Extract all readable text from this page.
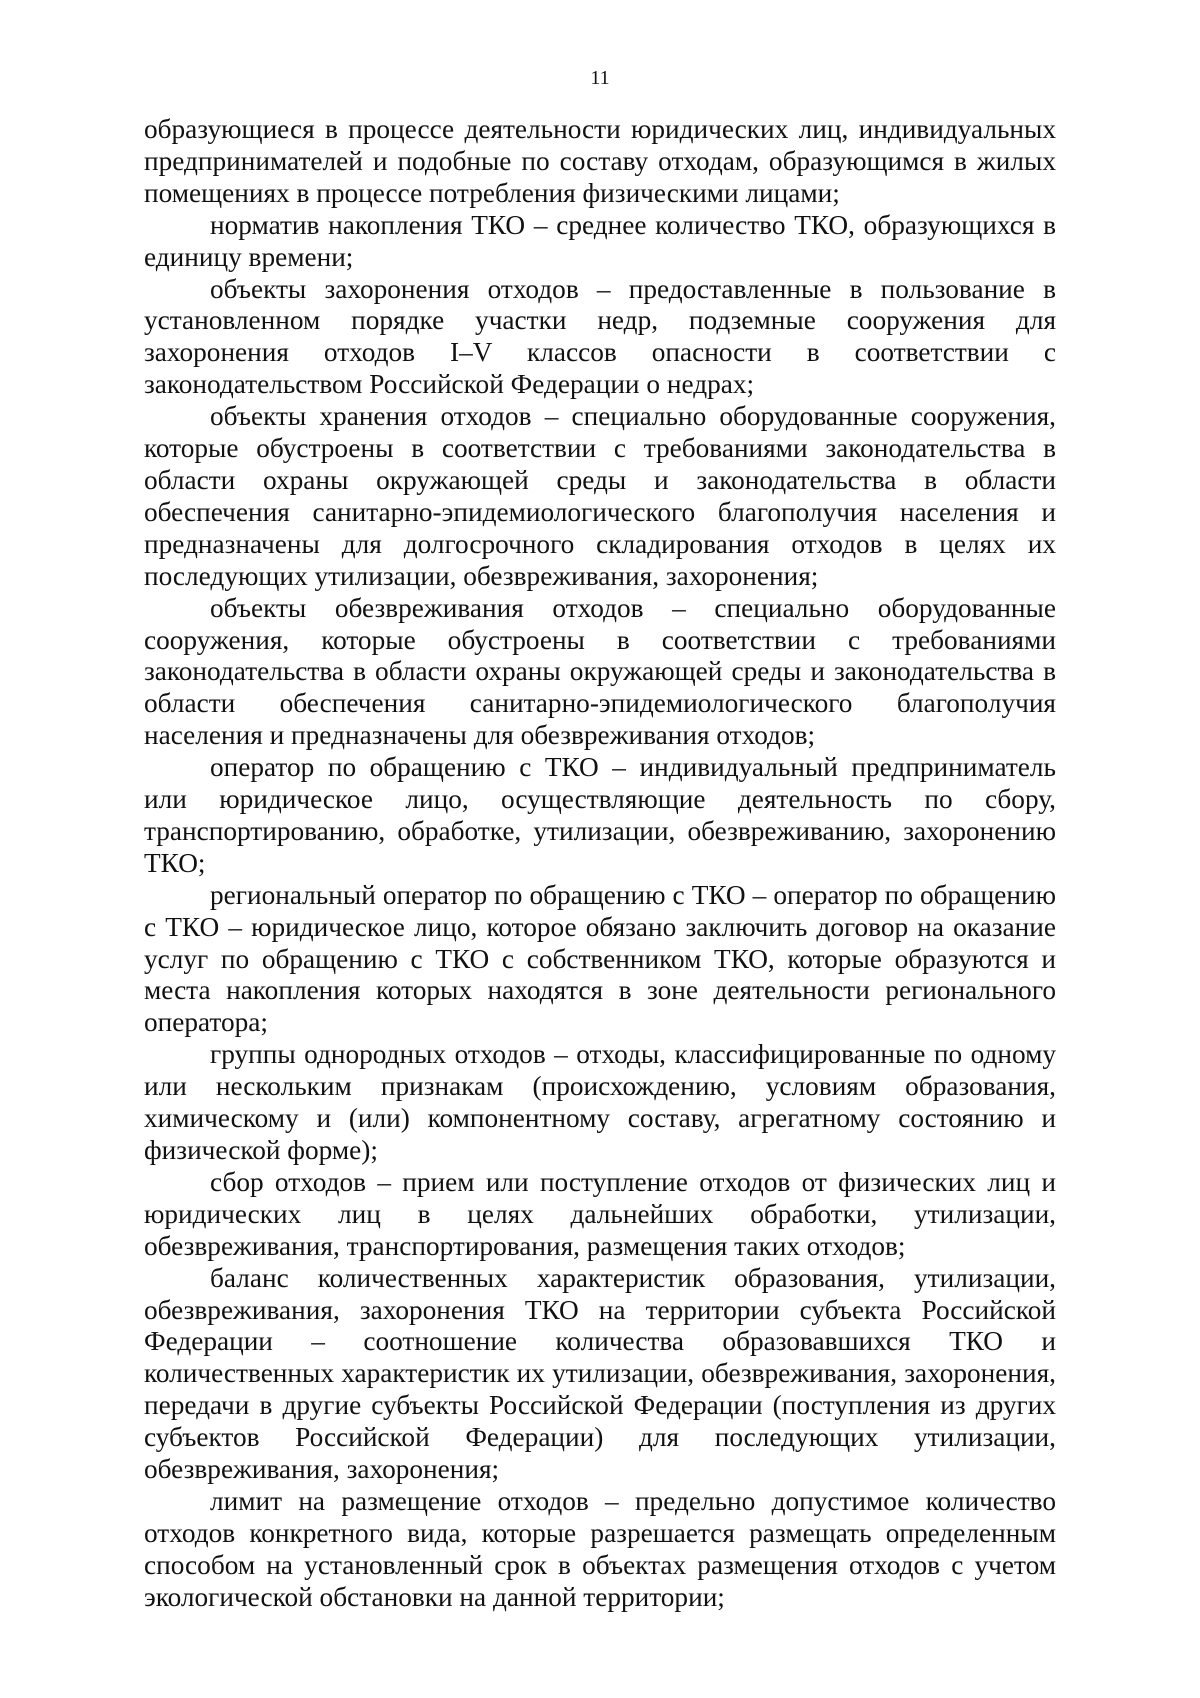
11

образующиеся в процессе деятельности юридических лиц, индивидуальных предпринимателей и подобные по составу отходам, образующимся в жилых помещениях в процессе потребления физическими лицами;

норматив накопления ТКО – среднее количество ТКО, образующихся в единицу времени;

объекты захоронения отходов – предоставленные в пользование в установленном порядке участки недр, подземные сооружения для захоронения отходов I–V классов опасности в соответствии с законодательством Российской Федерации о недрах;

объекты хранения отходов – специально оборудованные сооружения, которые обустроены в соответствии с требованиями законодательства в области охраны окружающей среды и законодательства в области обеспечения санитарно-эпидемиологического благополучия населения и предназначены для долгосрочного складирования отходов в целях их последующих утилизации, обезвреживания, захоронения;

объекты обезвреживания отходов – специально оборудованные сооружения, которые обустроены в соответствии с требованиями законодательства в области охраны окружающей среды и законодательства в области обеспечения санитарно-эпидемиологического благополучия населения и предназначены для обезвреживания отходов;

оператор по обращению с ТКО – индивидуальный предприниматель или юридическое лицо, осуществляющие деятельность по сбору, транспортированию, обработке, утилизации, обезвреживанию, захоронению ТКО;

региональный оператор по обращению с ТКО – оператор по обращению с ТКО – юридическое лицо, которое обязано заключить договор на оказание услуг по обращению с ТКО с собственником ТКО, которые образуются и места накопления которых находятся в зоне деятельности регионального оператора;

группы однородных отходов – отходы, классифицированные по одному или нескольким признакам (происхождению, условиям образования, химическому и (или) компонентному составу, агрегатному состоянию и физической форме);

сбор отходов – прием или поступление отходов от физических лиц и юридических лиц в целях дальнейших обработки, утилизации, обезвреживания, транспортирования, размещения таких отходов;

баланс количественных характеристик образования, утилизации, обезвреживания, захоронения ТКО на территории субъекта Российской Федерации – соотношение количества образовавшихся ТКО и количественных характеристик их утилизации, обезвреживания, захоронения, передачи в другие субъекты Российской Федерации (поступления из других субъектов Российской Федерации) для последующих утилизации, обезвреживания, захоронения;

лимит на размещение отходов – предельно допустимое количество отходов конкретного вида, которые разрешается размещать определенным способом на установленный срок в объектах размещения отходов с учетом экологической обстановки на данной территории;
